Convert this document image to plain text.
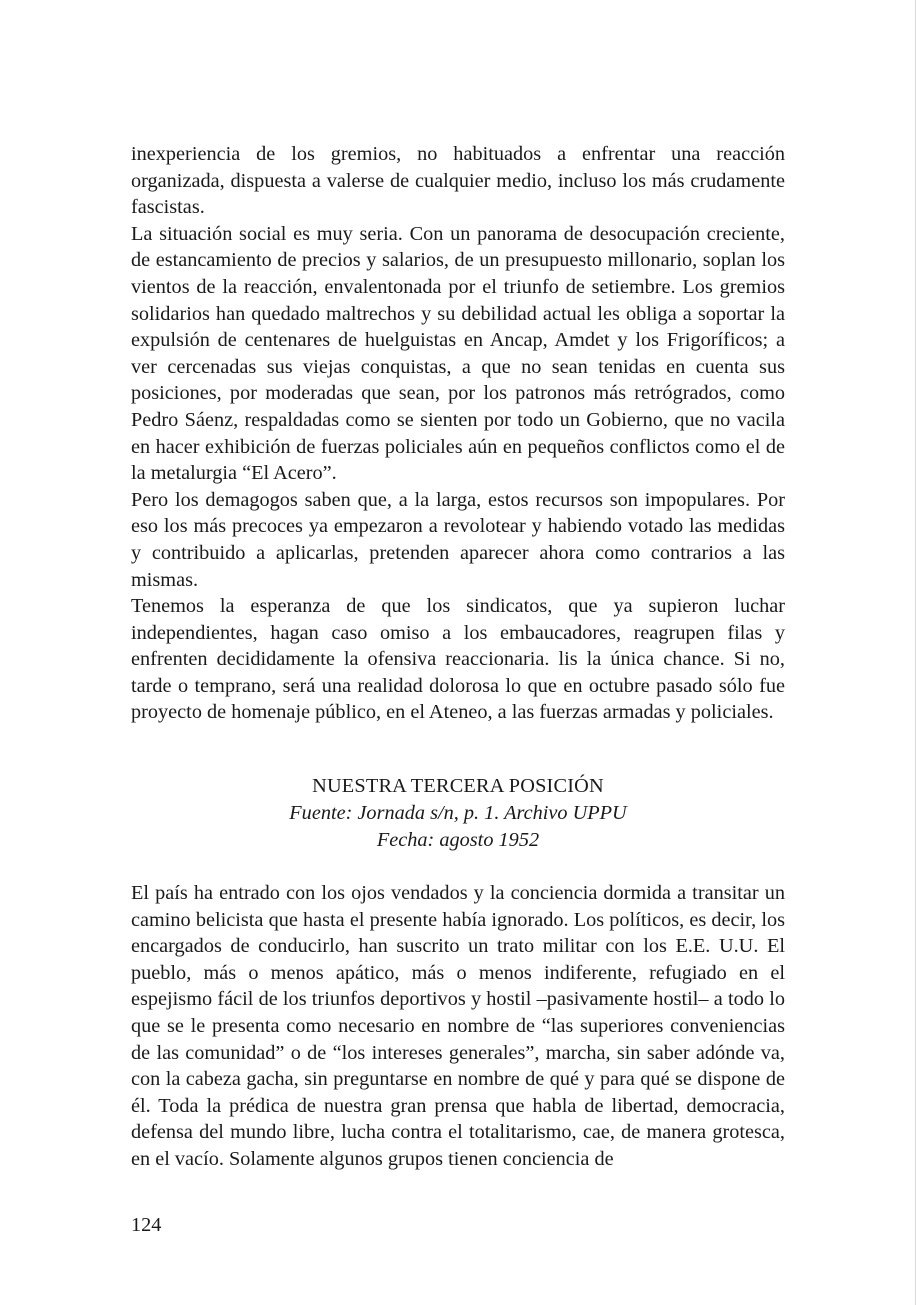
inexperiencia de los gremios, no habituados a enfrentar una reacción organizada, dispuesta a valerse de cualquier medio, incluso los más crudamente fascistas.

La situación social es muy seria. Con un panorama de desocupación creciente, de estancamiento de precios y salarios, de un presupuesto millonario, soplan los vientos de la reacción, envalentonada por el triunfo de setiembre. Los gremios solidarios han quedado maltrechos y su debilidad actual les obliga a soportar la expulsión de centenares de huelguistas en Ancap, Amdet y los Frigoríficos; a ver cercenadas sus viejas conquistas, a que no sean tenidas en cuenta sus posiciones, por moderadas que sean, por los patronos más retrógrados, como Pedro Sáenz, respaldadas como se sienten por todo un Gobierno, que no vacila en hacer exhibición de fuerzas policiales aún en pequeños conflictos como el de la metalurgia “El Acero”.

Pero los demagogos saben que, a la larga, estos recursos son impopulares. Por eso los más precoces ya empezaron a revolotear y habiendo votado las medidas y contribuido a aplicarlas, pretenden aparecer ahora como contrarios a las mismas.

Tenemos la esperanza de que los sindicatos, que ya supieron luchar independientes, hagan caso omiso a los embaucadores, reagrupen filas y enfrenten decididamente la ofensiva reaccionaria. lis la única chance. Si no, tarde o temprano, será una realidad dolorosa lo que en octubre pasado sólo fue proyecto de homenaje público, en el Ateneo, a las fuerzas armadas y policiales.

NUESTRA TERCERA POSICIÓN
Fuente: Jornada s/n, p. 1. Archivo UPPU
Fecha: agosto 1952

El país ha entrado con los ojos vendados y la conciencia dormida a transitar un camino belicista que hasta el presente había ignorado. Los políticos, es decir, los encargados de conducirlo, han suscrito un trato militar con los E.E. U.U. El pueblo, más o menos apático, más o menos indiferente, refugiado en el espejismo fácil de los triunfos deportivos y hostil –pasivamente hostil– a todo lo que se le presenta como necesario en nombre de “las superiores conveniencias de las comunidad” o de “los intereses generales”, marcha, sin saber adónde va, con la cabeza gacha, sin preguntarse en nombre de qué y para qué se dispone de él. Toda la prédica de nuestra gran prensa que habla de libertad, democracia, defensa del mundo libre, lucha contra el totalitarismo, cae, de manera grotesca, en el vacío. Solamente algunos grupos tienen conciencia de

124
